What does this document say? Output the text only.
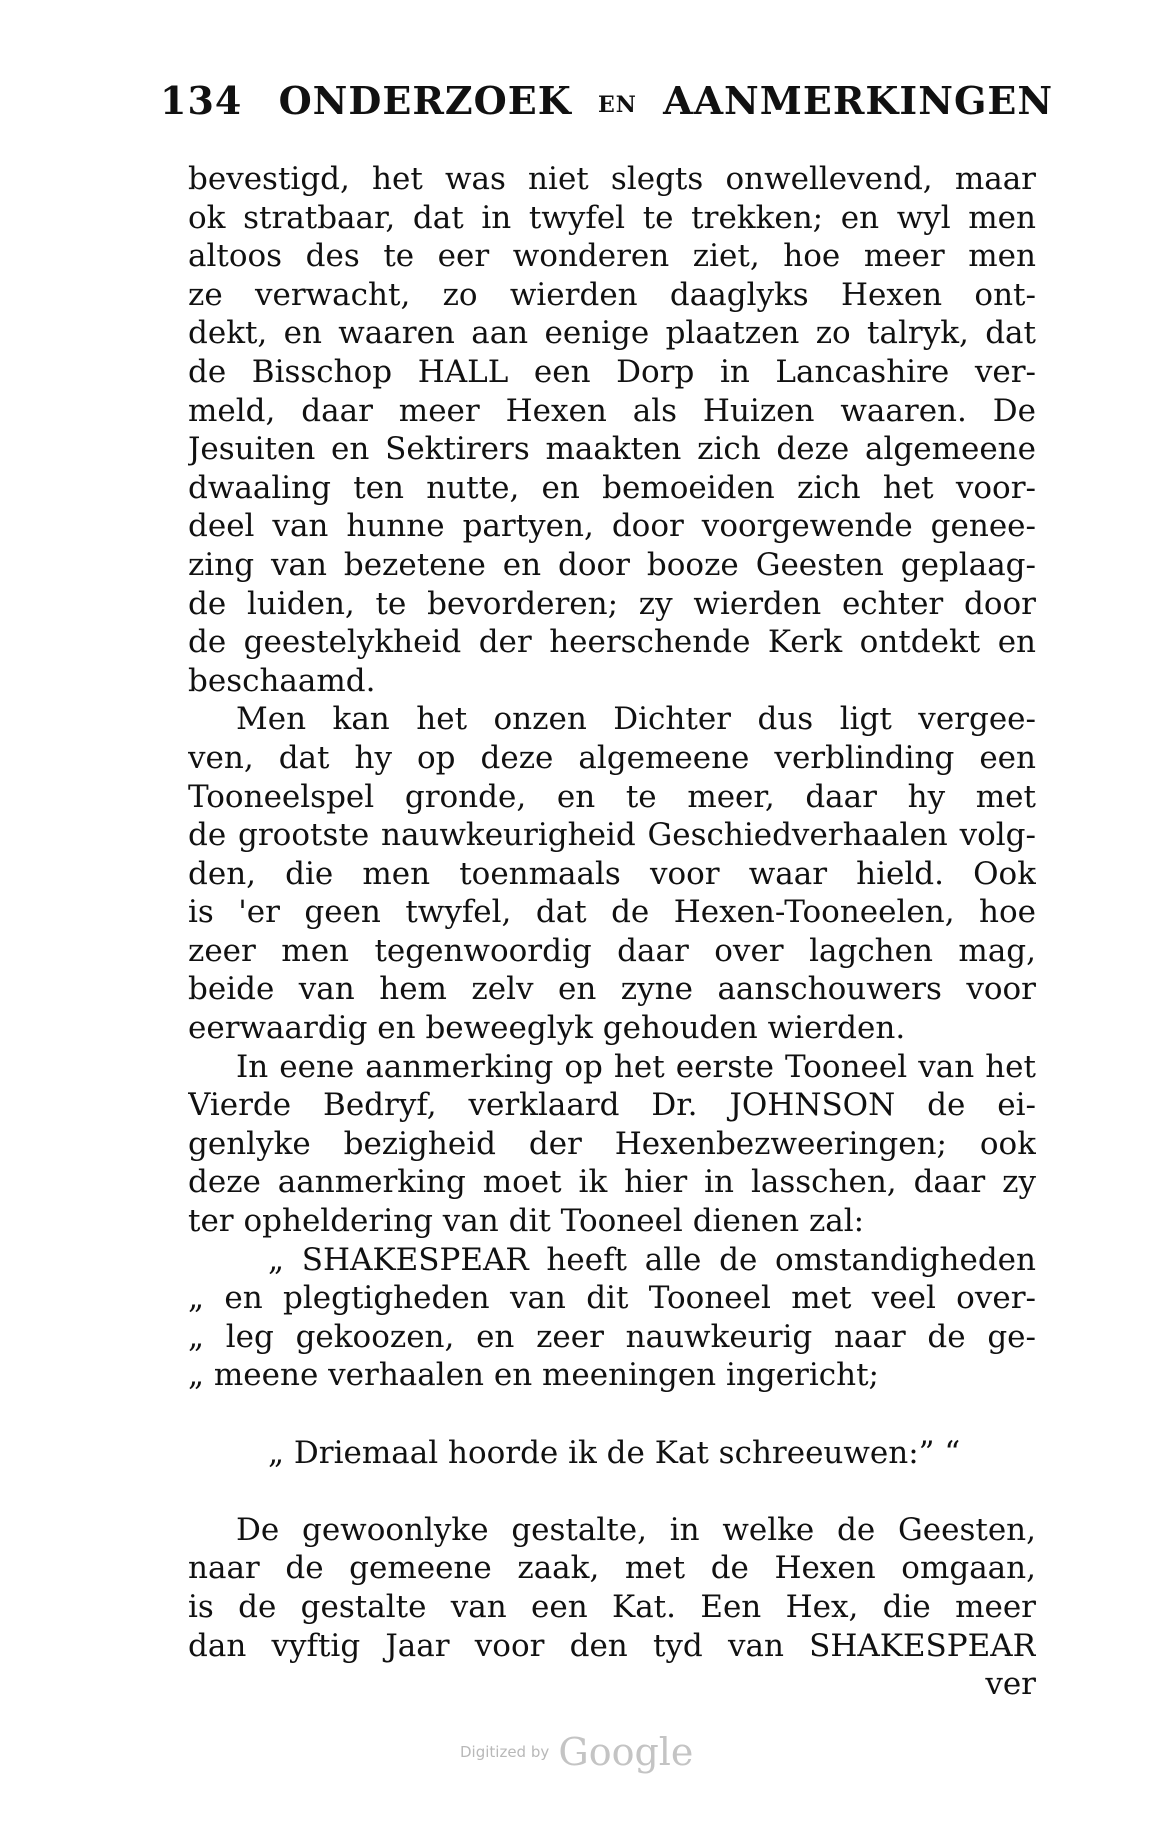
134 ONDERZOEK EN AANMERKINGEN
bevestigd, het was niet slegts onwellevend, maar
ok stratbaar, dat in twyfel te trekken; en wyl men
altoos des te eer wonderen ziet, hoe meer men
ze verwacht, zo wierden daaglyks Hexen ont-
dekt, en waaren aan eenige plaatzen zo talryk, dat
de Bisschop HALL een Dorp in Lancashire ver-
meld, daar meer Hexen als Huizen waaren. De
Jesuiten en Sektirers maakten zich deze algemeene
dwaaling ten nutte, en bemoeiden zich het voor-
deel van hunne partyen, door voorgewende genee-
zing van bezetene en door booze Geesten geplaag-
de luiden, te bevorderen; zy wierden echter door
de geestelykheid der heerschende Kerk ontdekt en
beschaamd.
Men kan het onzen Dichter dus ligt vergee-
ven, dat hy op deze algemeene verblinding een
Tooneelspel gronde, en te meer, daar hy met
de grootste nauwkeurigheid Geschiedverhaalen volg-
den, die men toenmaals voor waar hield. Ook
is 'er geen twyfel, dat de Hexen-Tooneelen, hoe
zeer men tegenwoordig daar over lagchen mag,
beide van hem zelv en zyne aanschouwers voor
eerwaardig en beweeglyk gehouden wierden.
In eene aanmerking op het eerste Tooneel van het
Vierde Bedryf, verklaard Dr. JOHNSON de ei-
genlyke bezigheid der Hexenbezweeringen; ook
deze aanmerking moet ik hier in lasschen, daar zy
ter opheldering van dit Tooneel dienen zal:
„ SHAKESPEAR heeft alle de omstandigheden
„ en plegtigheden van dit Tooneel met veel over-
„ leg gekoozen, en zeer nauwkeurig naar de ge-
„ meene verhaalen en meeningen ingericht;
„ Driemaal hoorde ik de Kat schreeuwen:” “
De gewoonlyke gestalte, in welke de Geesten,
naar de gemeene zaak, met de Hexen omgaan,
is de gestalte van een Kat. Een Hex, die meer
dan vyftig Jaar voor den tyd van SHAKESPEAR
ver
Digitized by Google
